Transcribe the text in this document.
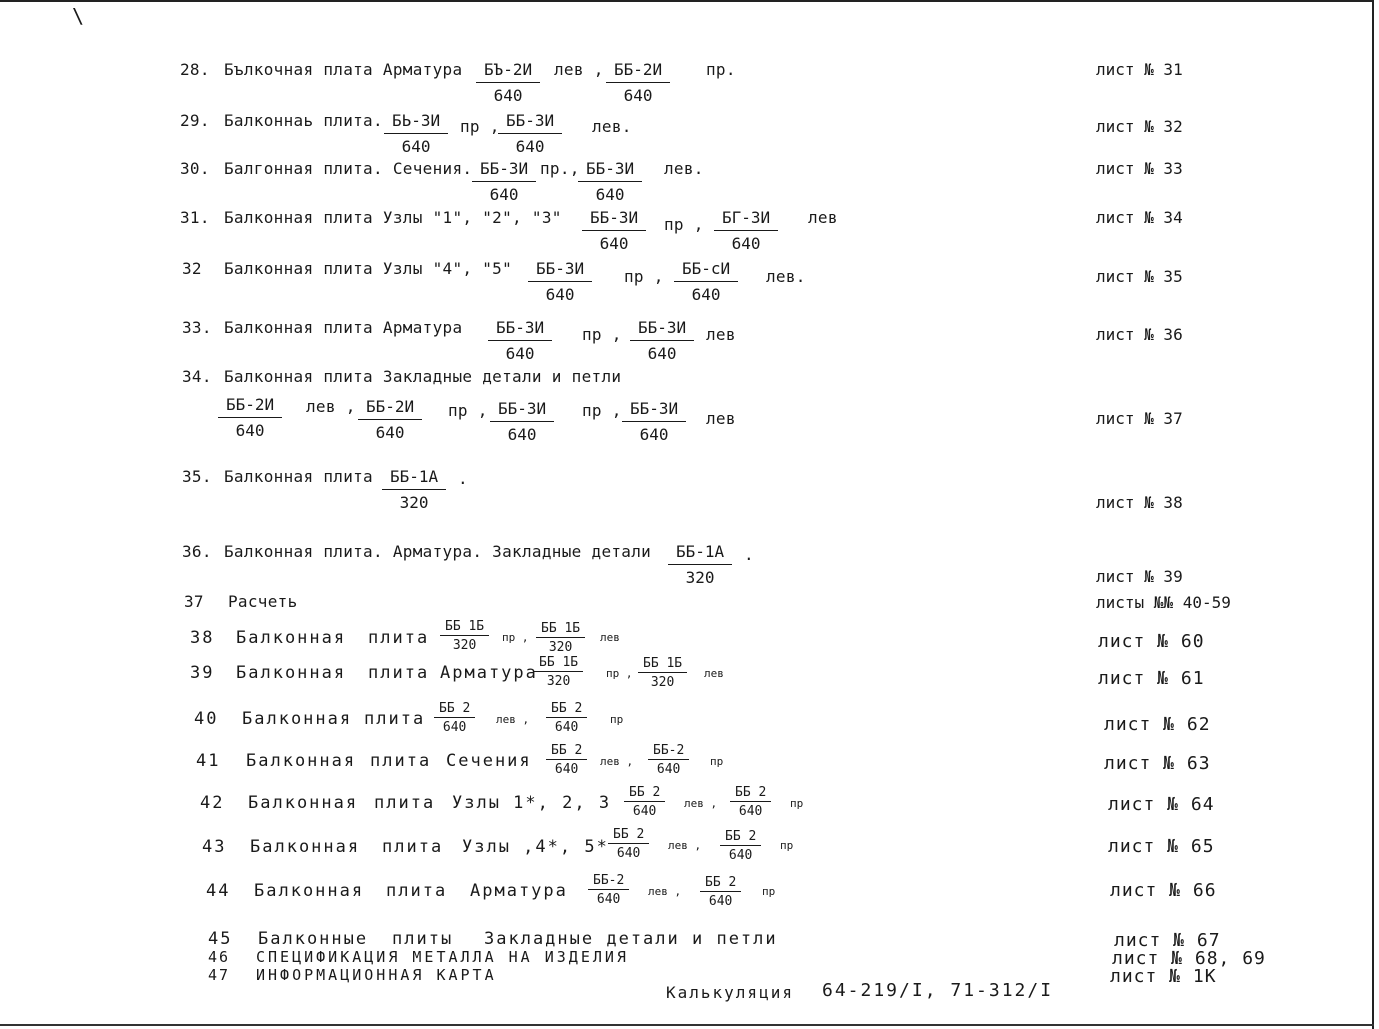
\
28. Бълкочная плата Арматура	БЪ-2И
640
лев , ББ-2И
640
пр.	лист № 31
29. Балконнаь плита. БЬ-ЗИ
640
пр , ББ-ЗИ
640
лев.	лист № 32
30. Балгонная плита. Сечения. ББ-ЗИ
640
пр., ББ-ЗИ
640
лев.	лист № 33
31. Балконная плита Узлы "1", "2", "3"	ББ-ЗИ
640
пр ,	БГ-ЗИ
640
лев	лист № 34
32 Балконная плита Узлы "4", "5"	ББ-ЗИ
640
пр ,	ББ-сИ
640
лев.	лист № 35
33. Балконная плита Арматура	ББ-ЗИ
640
пр ,	ББ-ЗИ
640
лев	лист № 36
34. Балконная плита Закладные детали и петли
ББ-2И
640
лев , ББ-2И
640
пр , ББ-ЗИ
640
пр , ББ-ЗИ
640
лев	лист № 37
35. Балконная плита	ББ-1А
320
.
лист № 38
36. Балконная плита. Арматура. Закладные детали	ББ-1А
320
.
лист № 39
37 Расчеть	листы №№ 40-59
38 Балконная плита
ББ 1Б
320
пр ,
ББ 1Б
320
лев	лист № 60
39 Балконная плита Арматура
ББ 1Б
320
пр ,
ББ 1Б
320
лев	лист № 61
40 Балконная плита
ББ 2
640
лев ,
ББ 2
640
пр	лист № 62
41 Балконная плита Сечения
ББ 2
640
лев ,
ББ-2
640
пр	лист № 63
42 Балконная плита Узлы 1*, 2, 3
ББ 2
640
лев ,
ББ 2
640
пр	лист № 64
43 Балконная плита Узлы ,4*, 5*
ББ 2
640
лев ,
ББ 2
640
пр	лист № 65
44 Балконная плита Арматура
ББ-2
640
лев ,
ББ 2
640
пр	лист № 66
45 Балконные плиты Закладные детали и петли	лист № 67
46 СПЕЦИФИКАЦИЯ МЕТАЛЛА НА ИЗДЕЛИЯ	лист № 68, 69
47 ИНФОРМАЦИОННАЯ КАРТА	лист № 1К
Калькуляция 64-219/I, 71-312/I
